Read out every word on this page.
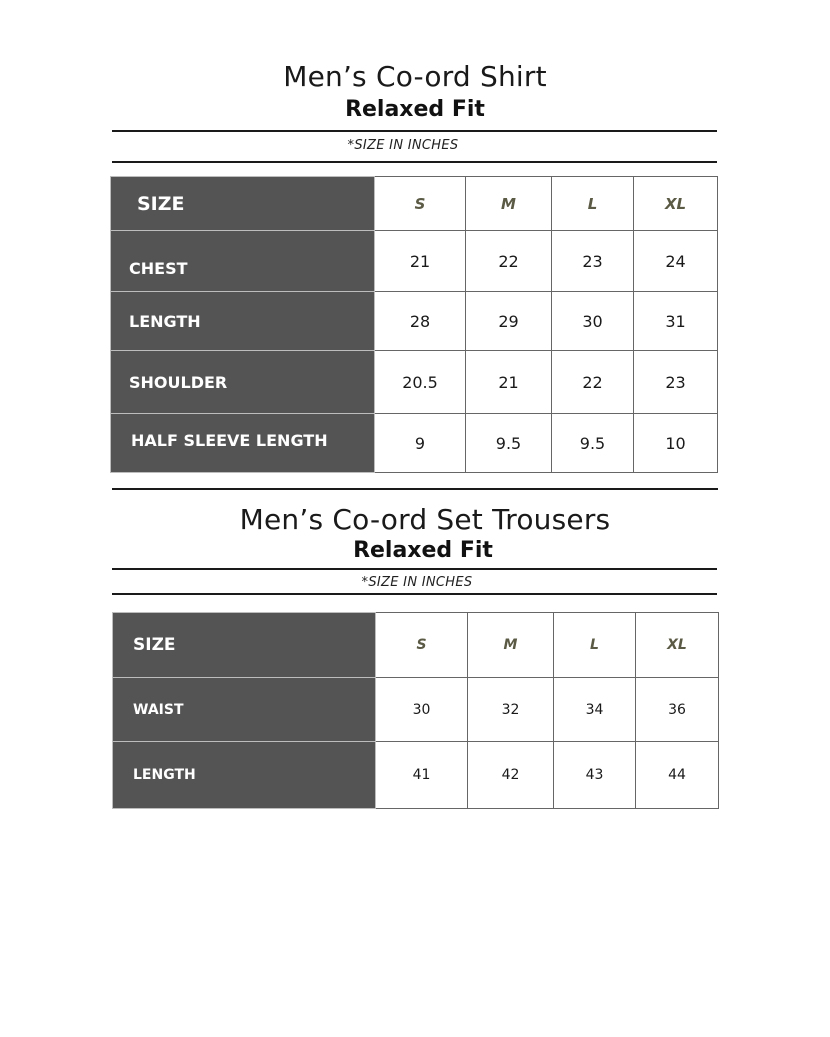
Men’s Co-ord Shirt
Relaxed Fit
*SIZE IN INCHES
SIZE	S	M	L	XL
CHEST	21	22	23	24
LENGTH	28	29	30	31
SHOULDER	20.5	21	22	23
HALF SLEEVE LENGTH	9	9.5	9.5	10
Men’s Co-ord Set Trousers
Relaxed Fit
*SIZE IN INCHES
SIZE	S	M	L	XL
WAIST	30	32	34	36
LENGTH	41	42	43	44
